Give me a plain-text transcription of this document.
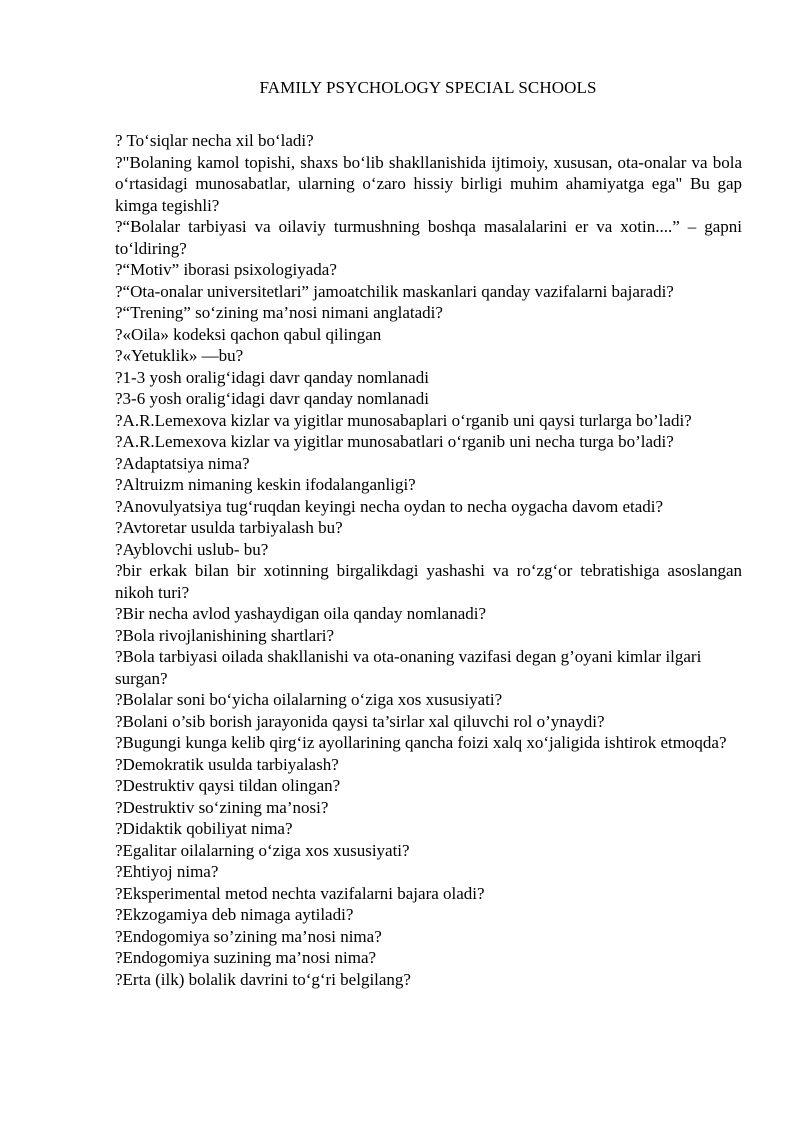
FAMILY PSYCHOLOGY SPECIAL SCHOOLS
? To‘siqlar necha xil bo‘ladi?
?"Bolaning kamol topishi, shaxs bo‘lib shakllanishida ijtimoiy, xususan, ota-onalar va bola o‘rtasidagi munosabatlar, ularning o‘zaro hissiy birligi muhim ahamiyatga ega" Bu gap kimga tegishli?
?“Bolalar tarbiyasi va oilaviy turmushning boshqa masalalarini er va xotin....” – gapni to‘ldiring?
?“Motiv” iborasi psixologiyada?
?“Ota-onalar universitetlari” jamoatchilik maskanlari qanday vazifalarni bajaradi?
?“Trening” so‘zining ma’nosi nimani anglatadi?
?«Oila» kodeksi qachon qabul qilingan
?«Yetuklik» —bu?
?1-3 yosh oralig‘idagi davr qanday nomlanadi
?3-6 yosh oralig‘idagi davr qanday nomlanadi
?A.R.Lemexova kizlar va yigitlar munosabaplari o‘rganib uni qaysi turlarga bo’ladi?
?A.R.Lemexova kizlar va yigitlar munosabatlari o‘rganib uni necha turga bo’ladi?
?Adaptatsiya nima?
?Altruizm nimaning keskin ifodalanganligi?
?Anovulyatsiya tug‘ruqdan keyingi necha oydan to necha oygacha davom etadi?
?Avtoretar usulda tarbiyalash bu?
?Ayblovchi uslub- bu?
?bir erkak bilan bir xotinning birgalikdagi yashashi va ro‘zg‘or tebratishiga asoslangan nikoh turi?
?Bir necha avlod yashaydigan oila qanday nomlanadi?
?Bola rivojlanishining shartlari?
?Bola tarbiyasi oilada shakllanishi va ota-onaning vazifasi degan g’oyani kimlar ilgari surgan?
?Bolalar soni bo‘yicha oilalarning o‘ziga xos xususiyati?
?Bolani o’sib borish jarayonida qaysi ta’sirlar xal qiluvchi rol o’ynaydi?
?Bugungi kunga kelib qirg‘iz ayollarining qancha foizi xalq xo‘jaligida ishtirok etmoqda?
?Demokratik usulda tarbiyalash?
?Destruktiv qaysi tildan olingan?
?Destruktiv so‘zining ma’nosi?
?Didaktik qobiliyat nima?
?Egalitar oilalarning o‘ziga xos xususiyati?
?Ehtiyoj nima?
?Eksperimental metod nechta vazifalarni bajara oladi?
?Ekzogamiya deb nimaga aytiladi?
?Endogomiya so’zining ma’nosi nima?
?Endogomiya suzining ma’nosi nima?
?Erta (ilk) bolalik davrini to‘g‘ri belgilang?
